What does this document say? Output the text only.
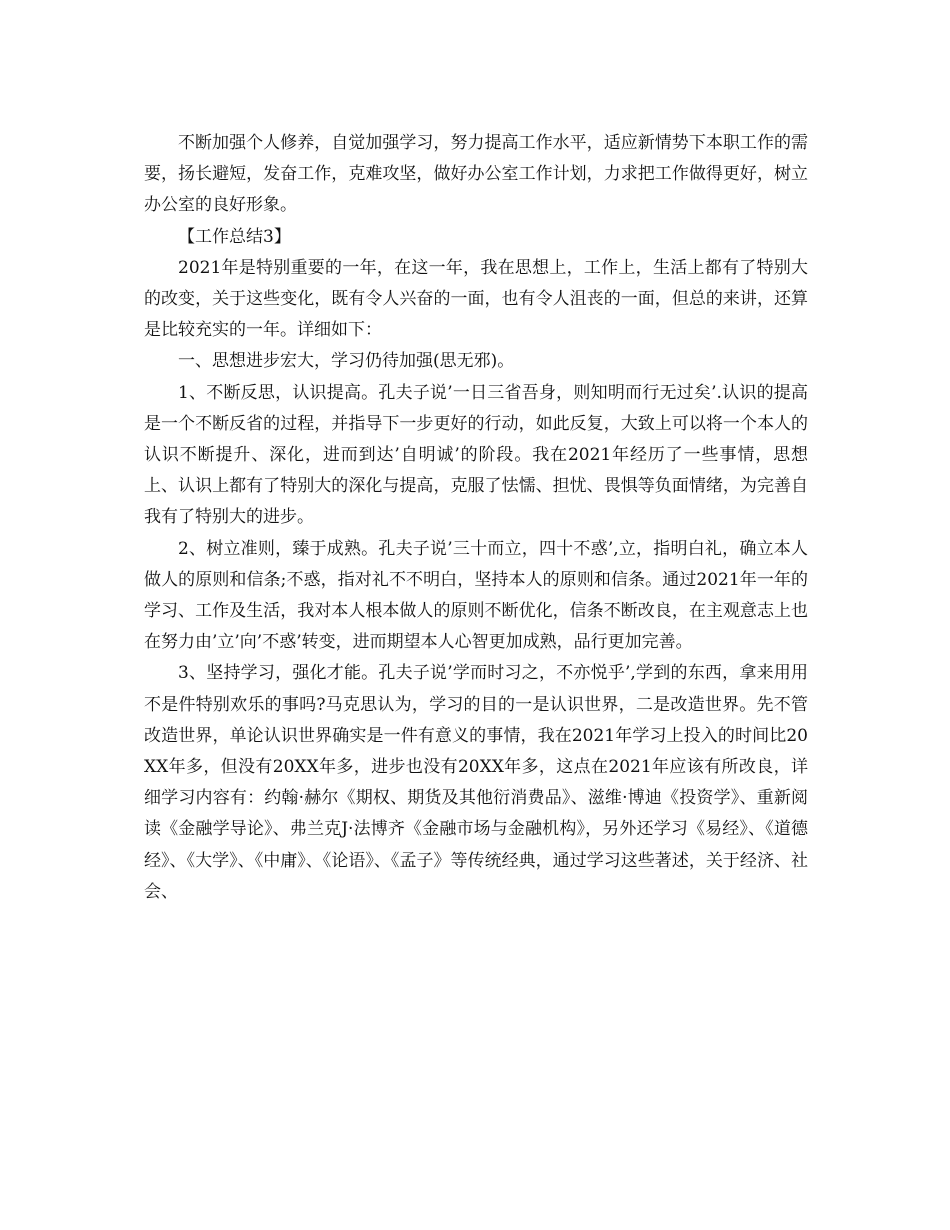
不断加强个人修养，自觉加强学习，努力提高工作水平，适应新情势下本职工作的需要，扬长避短，发奋工作，克难攻坚，做好办公室工作计划，力求把工作做得更好，树立办公室的良好形象。

【工作总结3】

2021年是特别重要的一年，在这一年，我在思想上，工作上，生活上都有了特别大的改变，关于这些变化，既有令人兴奋的一面，也有令人沮丧的一面，但总的来讲，还算是比较充实的一年。详细如下：

一、思想进步宏大，学习仍待加强(思无邪)。

1、不断反思，认识提高。孔夫子说’一日三省吾身，则知明而行无过矣’.认识的提高是一个不断反省的过程，并指导下一步更好的行动，如此反复，大致上可以将一个本人的认识不断提升、深化，进而到达’自明诚’的阶段。我在2021年经历了一些事情，思想上、认识上都有了特别大的深化与提高，克服了怯懦、担忧、畏惧等负面情绪，为完善自我有了特别大的进步。

2、树立准则，臻于成熟。孔夫子说’三十而立，四十不惑’,立，指明白礼，确立本人做人的原则和信条;不惑，指对礼不不明白，坚持本人的原则和信条。通过2021年一年的学习、工作及生活，我对本人根本做人的原则不断优化，信条不断改良，在主观意志上也在努力由’立’向’不惑’转变，进而期望本人心智更加成熟，品行更加完善。

3、坚持学习，强化才能。孔夫子说’学而时习之，不亦悦乎’,学到的东西，拿来用用不是件特别欢乐的事吗?马克思认为，学习的目的一是认识世界，二是改造世界。先不管改造世界，单论认识世界确实是一件有意义的事情，我在2021年学习上投入的时间比20XX年多，但没有20XX年多，进步也没有20XX年多，这点在2021年应该有所改良，详细学习内容有：约翰·赫尔《期权、期货及其他衍消费品》、滋维·博迪《投资学》、重新阅读《金融学导论》、弗兰克J·法博齐《金融市场与金融机构》，另外还学习《易经》、《道德经》、《大学》、《中庸》、《论语》、《孟子》等传统经典，通过学习这些著述，关于经济、社会、
